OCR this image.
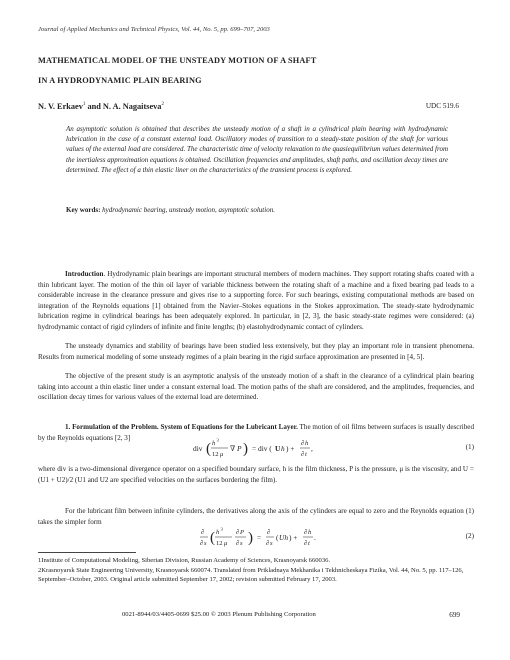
Journal of Applied Mechanics and Technical Physics, Vol. 44, No. 5, pp. 699–707, 2003
MATHEMATICAL MODEL OF THE UNSTEADY MOTION OF A SHAFT
IN A HYDRODYNAMIC PLAIN BEARING
N. V. Erkaev$^1$ and N. A. Nagaitseva$^2$	UDC 519.6
An asymptotic solution is obtained that describes the unsteady motion of a shaft in a cylindrical plain bearing with hydrodynamic lubrication in the case of a constant external load. Oscillatory modes of transition to a steady-state position of the shaft for various values of the external load are considered. The characteristic time of velocity relaxation to the quasiequilibrium values determined from the inertialess approximation equations is obtained. Oscillation frequencies and amplitudes, shaft paths, and oscillation decay times are determined. The effect of a thin elastic liner on the characteristics of the transient process is explored.
Key words: hydrodynamic bearing, unsteady motion, asymptotic solution.
Introduction. Hydrodynamic plain bearings are important structural members of modern machines. They support rotating shafts coated with a thin lubricant layer. The motion of the thin oil layer of variable thickness between the rotating shaft of a machine and a fixed bearing pad leads to a considerable increase in the clearance pressure and gives rise to a supporting force. For such bearings, existing computational methods are based on integration of the Reynolds equations [1] obtained from the Navier–Stokes equations in the Stokes approximation. The steady-state hydrodynamic lubrication regime in cylindrical bearings has been adequately explored. In particular, in [2, 3], the basic steady-state regimes were considered: (a) hydrodynamic contact of rigid cylinders of infinite and finite lengths; (b) elastohydrodynamic contact of cylinders.
The unsteady dynamics and stability of bearings have been studied less extensively, but they play an important role in transient phenomena. Results from numerical modeling of some unsteady regimes of a plain bearing in the rigid surface approximation are presented in [4, 5].
The objective of the present study is an asymptotic analysis of the unsteady motion of a shaft in the clearance of a cylindrical plain bearing taking into account a thin elastic liner under a constant external load. The motion paths of the shaft are considered, and the amplitudes, frequencies, and oscillation decay times for various values of the external load are determined.
1. Formulation of the Problem. System of Equations for the Lubricant Layer. The motion of oil films between surfaces is usually described by the Reynolds equations [2, 3]
div ( h 3
12 μ
∇ P ) = div ( U h ) +
∂ h
∂ t
,	(1)
where div is a two-dimensional divergence operator on a specified boundary surface, h is the film thickness, P is the pressure, μ is the viscosity, and U = (U1 + U2)/2 (U1 and U2 are specified velocities on the surfaces bordering the film).
For the lubricant film between infinite cylinders, the derivatives along the axis of the cylinders are equal to zero and the Reynolds equation (1) takes the simpler form
∂
∂ s ( h 3
12 μ
∂ P
∂ s ) =
∂
∂ s
( Uh ) +
∂ h
∂ t
.	(2)
1Institute of Computational Modeling, Siberian Division, Russian Academy of Sciences, Krasnoyarsk 660036.
2Krasnoyarsk State Engineering University, Krasnoyarsk 660074. Translated from Prikladnaya Mekhanika i Tekhnicheskaya Fizika, Vol. 44, No. 5, pp. 117–126, September–October, 2003. Original article submitted September 17, 2002; revision submitted February 17, 2003.
0021-8944/03/4405-0699 $25.00 © 2003 Plenum Publishing Corporation	699
